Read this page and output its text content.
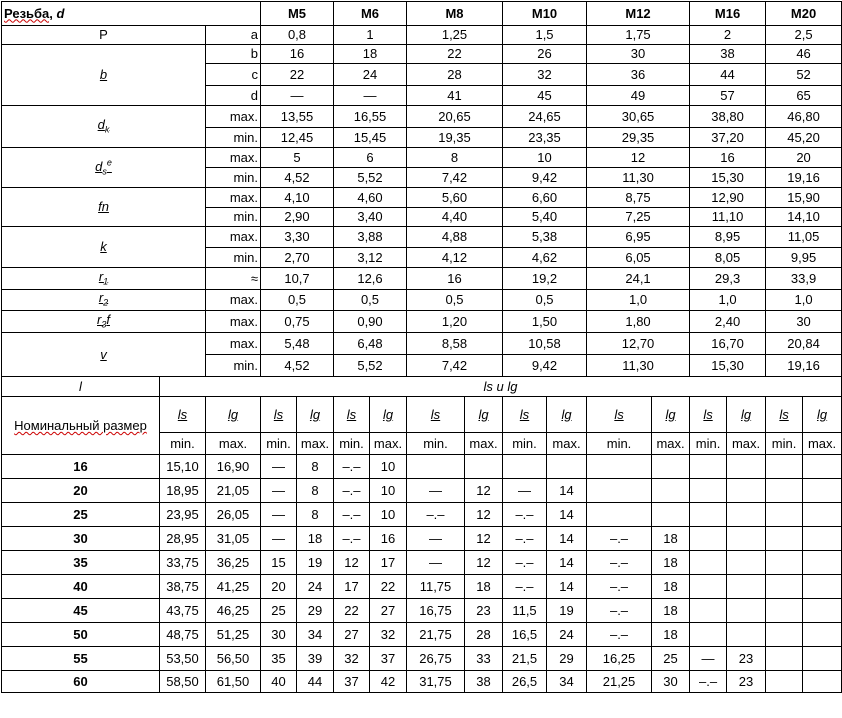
Резьба, d			M5		M6		M8		M10		M12		M16		M20	
P		a	0,8		1		1,25		1,5		1,75		2		2,5	
b		b	16		18		22		26		30		38		46	
		c	22		24		28		32		36		44		52	
		d	—		—		41		45		49		57		65	
$d_k$		max.	13,55		16,55		20,65		24,65		30,65		38,80		46,80	
		min.	12,45		15,45		19,35		23,35		29,35		37,20		45,20	
$d_s^e$		max.	5		6		8		10		12		16		20	
		min.	4,52		5,52		7,42		9,42		11,30		15,30		19,16	
fn		max.	4,10		4,60		5,60		6,60		8,75		12,90		15,90	
		min.	2,90		3,40		4,40		5,40		7,25		11,10		14,10	
k		max.	3,30		3,88		4,88		5,38		6,95		8,95		11,05	
		min.	2,70		3,12		4,12		4,62		6,05		8,05		9,95	
$r_1$		≈	10,7		12,6		16		19,2		24,1		29,3		33,9	
$r_2$		max.	0,5		0,5		0,5		0,5		1,0		1,0		1,0	
$r_3f$		max.	0,75		0,90		1,20		1,50		1,80		2,40		30	
v		max.	5,48		6,48		8,58		10,58		12,70		16,70		20,84	
		min.	4,52		5,52		7,42		9,42		11,30		15,30		19,16	
l	ls и lg															
Номинальный размер	ls	lg	ls	lg	ls	lg	ls	lg	ls	lg	ls	lg	ls	lg	ls	lg
	min.	max.	min.	max.	min.	max.	min.	max.	min.	max.	min.	max.	min.	max.	min.	max.
16	15,10	16,90	—	8	–.–	10										
20	18,95	21,05	—	8	–.–	10	—	12	—	14						
25	23,95	26,05	—	8	–.–	10	–.–	12	–.–	14						
30	28,95	31,05	—	18	–.–	16	—	12	–.–	14	–.–	18				
35	33,75	36,25	15	19	12	17	—	12	–.–	14	–.–	18				
40	38,75	41,25	20	24	17	22	11,75	18	–.–	14	–.–	18				
45	43,75	46,25	25	29	22	27	16,75	23	11,5	19	–.–	18				
50	48,75	51,25	30	34	27	32	21,75	28	16,5	24	–.–	18				
55	53,50	56,50	35	39	32	37	26,75	33	21,5	29	16,25	25	—	23		
60	58,50	61,50	40	44	37	42	31,75	38	26,5	34	21,25	30	–.–	23		
